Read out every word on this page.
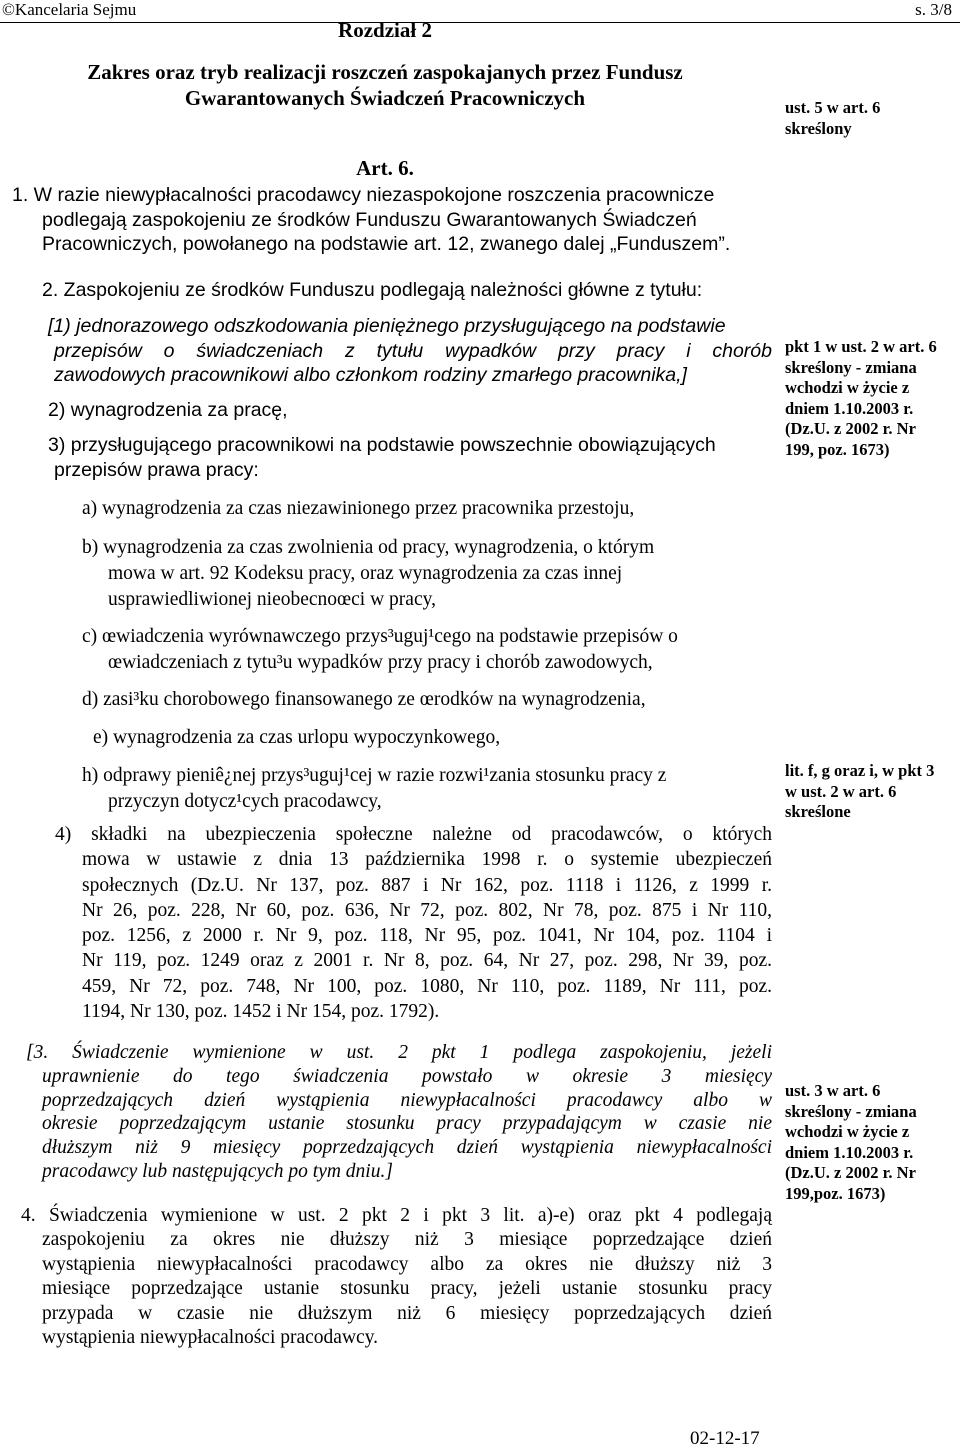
©Kancelaria Sejmu	s. 3/8
Rozdział 2
Zakres oraz tryb realizacji roszczeń zaspokajanych przez Fundusz
Gwarantowanych Świadczeń Pracowniczych
Art. 6.
1. W razie niewypłacalności pracodawcy niezaspokojone roszczenia pracownicze
podlegają zaspokojeniu ze środków Funduszu Gwarantowanych Świadczeń
Pracowniczych, powołanego na podstawie art. 12, zwanego dalej „Funduszem”.
2. Zaspokojeniu ze środków Funduszu podlegają należności główne z tytułu:
[1) jednorazowego odszkodowania pieniężnego przysługującego na podstawie
przepisów o świadczeniach z tytułu wypadków przy pracy i chorób
zawodowych pracownikowi albo członkom rodziny zmarłego pracownika,]
2) wynagrodzenia za pracę,
3) przysługującego pracownikowi na podstawie powszechnie obowiązujących
przepisów prawa pracy:
a) wynagrodzenia za czas niezawinionego przez pracownika przestoju,
b) wynagrodzenia za czas zwolnienia od pracy, wynagrodzenia, o którym
mowa w art. 92 Kodeksu pracy, oraz wynagrodzenia za czas innej
usprawiedliwionej nieobecnoœci w pracy,
c) œwiadczenia wyrównawczego przys³uguj¹cego na podstawie przepisów o
œwiadczeniach z tytu³u wypadków przy pracy i chorób zawodowych,
d) zasi³ku chorobowego finansowanego ze œrodków na wynagrodzenia,
e) wynagrodzenia za czas urlopu wypoczynkowego,
h) odprawy pieniê¿nej przys³uguj¹cej w razie rozwi¹zania stosunku pracy z
przyczyn dotycz¹cych pracodawcy,
4) składki na ubezpieczenia społeczne należne od pracodawców, o których
mowa w ustawie z dnia 13 października 1998 r. o systemie ubezpieczeń
społecznych (Dz.U. Nr 137, poz. 887 i Nr 162, poz. 1118 i 1126, z 1999 r.
Nr 26, poz. 228, Nr 60, poz. 636, Nr 72, poz. 802, Nr 78, poz. 875 i Nr 110,
poz. 1256, z 2000 r. Nr 9, poz. 118, Nr 95, poz. 1041, Nr 104, poz. 1104 i
Nr 119, poz. 1249 oraz z 2001 r. Nr 8, poz. 64, Nr 27, poz. 298, Nr 39, poz.
459, Nr 72, poz. 748, Nr 100, poz. 1080, Nr 110, poz. 1189, Nr 111, poz.
1194, Nr 130, poz. 1452 i Nr 154, poz. 1792).
[3. Świadczenie wymienione w ust. 2 pkt 1 podlega zaspokojeniu, jeżeli
uprawnienie do tego świadczenia powstało w okresie 3 miesięcy
poprzedzających dzień wystąpienia niewypłacalności pracodawcy albo w
okresie poprzedzającym ustanie stosunku pracy przypadającym w czasie nie
dłuższym niż 9 miesięcy poprzedzających dzień wystąpienia niewypłacalności
pracodawcy lub następujących po tym dniu.]
4. Świadczenia wymienione w ust. 2 pkt 2 i pkt 3 lit. a)-e) oraz pkt 4 podlegają
zaspokojeniu za okres nie dłuższy niż 3 miesiące poprzedzające dzień
wystąpienia niewypłacalności pracodawcy albo za okres nie dłuższy niż 3
miesiące poprzedzające ustanie stosunku pracy, jeżeli ustanie stosunku pracy
przypada w czasie nie dłuższym niż 6 miesięcy poprzedzających dzień
wystąpienia niewypłacalności pracodawcy.
ust. 5 w art. 6
skreślony
pkt 1 w ust. 2 w art. 6
skreślony - zmiana
wchodzi w życie z
dniem 1.10.2003 r.
(Dz.U. z 2002 r. Nr
199, poz. 1673)
lit. f, g oraz i, w pkt 3
w ust. 2 w art. 6
skreślone
ust. 3 w art. 6
skreślony - zmiana
wchodzi w życie z
dniem 1.10.2003 r.
(Dz.U. z 2002 r. Nr
199,poz. 1673)
02-12-17
